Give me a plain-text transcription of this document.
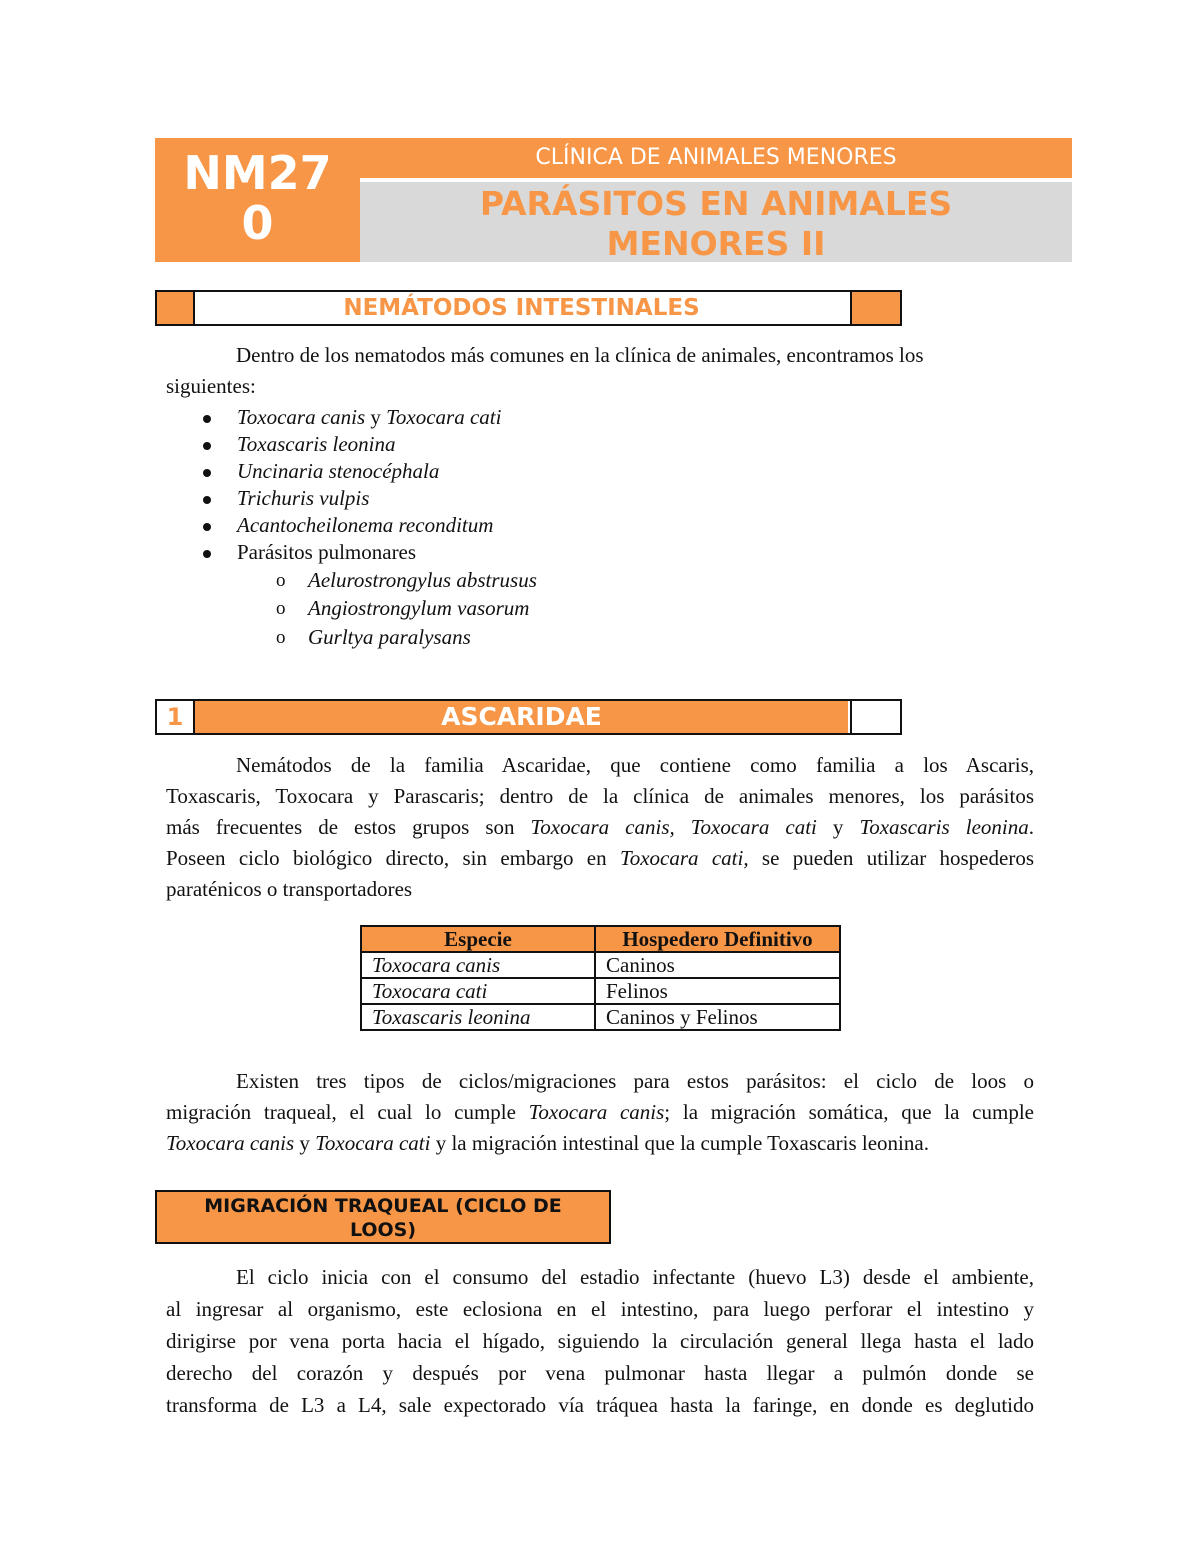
NM27
0
CLÍNICA DE ANIMALES MENORES
PARÁSITOS EN ANIMALES
MENORES II
NEMÁTODOS INTESTINALES
Dentro de los nematodos más comunes en la clínica de animales, encontramos los
siguientes:
Toxocara canis y Toxocara cati
Toxascaris leonina
Uncinaria stenocéphala
Trichuris vulpis
Acantocheilonema reconditum
Parásitos pulmonares
o Aelurostrongylus abstrusus
o Angiostrongylum vasorum
o Gurltya paralysans
1	ASCARIDAE
Nemátodos de la familia Ascaridae, que contiene como familia a los Ascaris,
Toxascaris, Toxocara y Parascaris; dentro de la clínica de animales menores, los parásitos
más frecuentes de estos grupos son Toxocara canis, Toxocara cati y Toxascaris leonina.
Poseen ciclo biológico directo, sin embargo en Toxocara cati, se pueden utilizar hospederos
paraténicos o transportadores
Especie	Hospedero Definitivo
Toxocara canis	Caninos
Toxocara cati	Felinos
Toxascaris leonina	Caninos y Felinos
Existen tres tipos de ciclos/migraciones para estos parásitos: el ciclo de loos o
migración traqueal, el cual lo cumple Toxocara canis; la migración somática, que la cumple
Toxocara canis y Toxocara cati y la migración intestinal que la cumple Toxascaris leonina.
MIGRACIÓN TRAQUEAL (CICLO DE
LOOS)
El ciclo inicia con el consumo del estadio infectante (huevo L3) desde el ambiente,
al ingresar al organismo, este eclosiona en el intestino, para luego perforar el intestino y
dirigirse por vena porta hacia el hígado, siguiendo la circulación general llega hasta el lado
derecho del corazón y después por vena pulmonar hasta llegar a pulmón donde se
transforma de L3 a L4, sale expectorado vía tráquea hasta la faringe, en donde es deglutido
